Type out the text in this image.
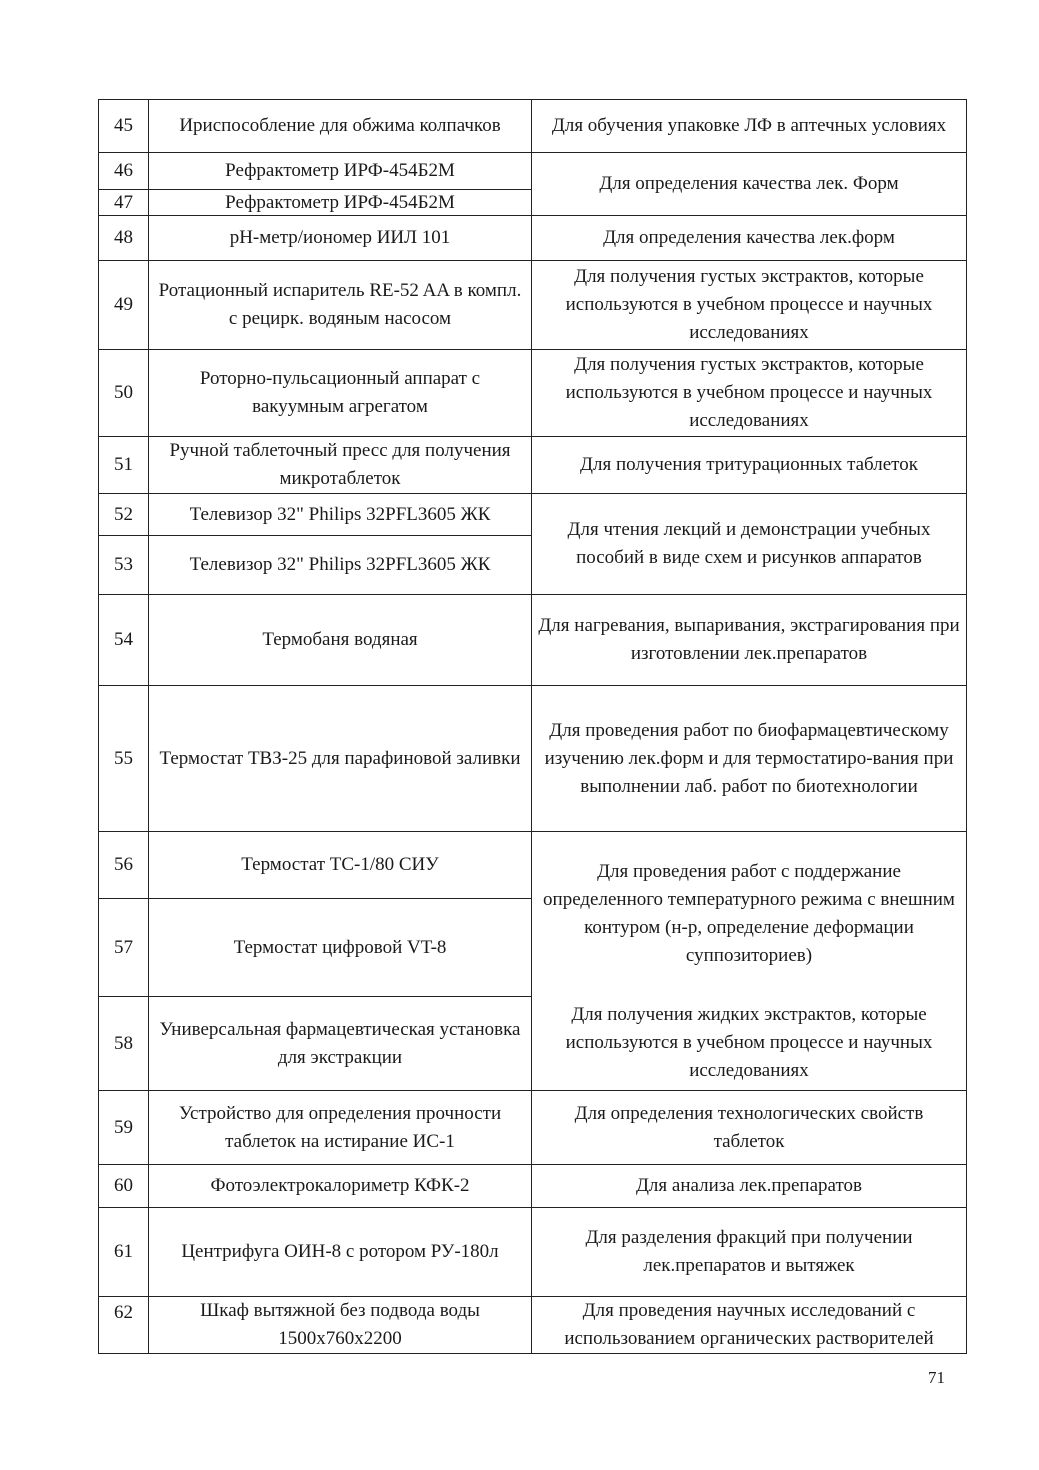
45	Ириспособление для обжима колпачков	Для обучения упаковке ЛФ в аптечных условиях
46	Рефрактометр ИРФ-454Б2М	Для определения качества лек. Форм
47	Рефрактометр ИРФ-454Б2М	
48	рН-метр/иономер ИИЛ 101	Для определения качества лек.форм
49	Ротационный испаритель RE-52 AA в компл. с рецирк. водяным насосом	Для получения густых экстрактов, которые используются в учебном процессе и научных исследованиях
50	Роторно-пульсационный аппарат с вакуумным агрегатом	Для получения густых экстрактов, которые используются в учебном процессе и научных исследованиях
51	Ручной таблеточный пресс для получения микротаблеток	Для получения тритурационных таблеток
52	Телевизор 32" Philips 32PFL3605 ЖК	Для чтения лекций и демонстрации учебных пособий в виде схем и рисунков аппаратов
53	Телевизор 32" Philips 32PFL3605 ЖК	
54	Термобаня водяная	Для нагревания, выпаривания, экстрагирования при изготовлении лек.препаратов
55	Термостат ТВЗ-25 для парафиновой заливки	Для проведения работ по биофармацевтическому изучению лек.форм и для термостатиро-вания при выполнении лаб. работ по биотехнологии
56	Термостат ТС-1/80 СИУ	Для проведения работ с поддержание определенного температурного режима с внешним контуром (н-р, определение деформации суппозиториев)
57	Термостат цифровой VT-8	
58	Универсальная фармацевтическая установка для экстракции	Для получения жидких экстрактов, которые используются в учебном процессе и научных исследованиях
59	Устройство для определения прочности таблеток на истирание ИС-1	Для определения технологических свойств таблеток
60	Фотоэлектрокалориметр КФК-2	Для анализа лек.препаратов
61	Центрифуга ОИН-8 с ротором РУ-180л	Для разделения фракций при получении лек.препаратов и вытяжек
62	Шкаф вытяжной без подвода воды 1500х760х2200	Для проведения научных исследований с использованием органических растворителей
71
